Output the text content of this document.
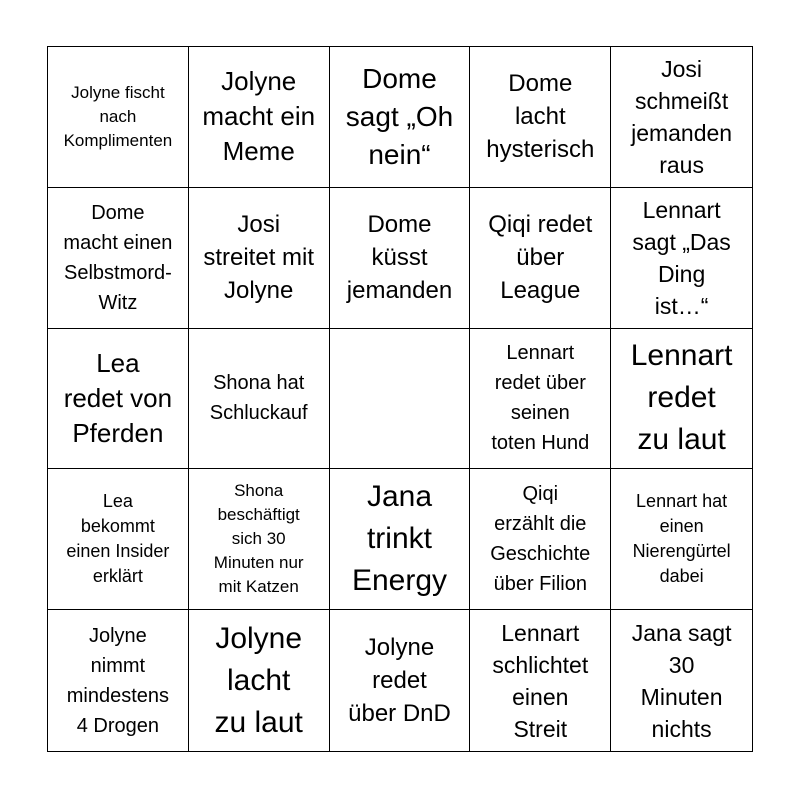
Jolyne fischt
nach
Komplimenten
Jolyne
macht ein
Meme
Dome
sagt „Oh
nein“
Dome
lacht
hysterisch
Josi
schmeißt
jemanden
raus
Dome
macht einen
Selbstmord-
Witz
Josi
streitet mit
Jolyne
Dome
küsst
jemanden
Qiqi redet
über
League
Lennart
sagt „Das
Ding
ist…“
Lea
redet von
Pferden
Shona hat
Schluckauf
Lennart
redet über
seinen
toten Hund
Lennart
redet
zu laut
Lea
bekommt
einen Insider
erklärt
Shona
beschäftigt
sich 30
Minuten nur
mit Katzen
Jana
trinkt
Energy
Qiqi
erzählt die
Geschichte
über Filion
Lennart hat
einen
Nierengürtel
dabei
Jolyne
nimmt
mindestens
4 Drogen
Jolyne
lacht
zu laut
Jolyne
redet
über DnD
Lennart
schlichtet
einen
Streit
Jana sagt
30
Minuten
nichts
